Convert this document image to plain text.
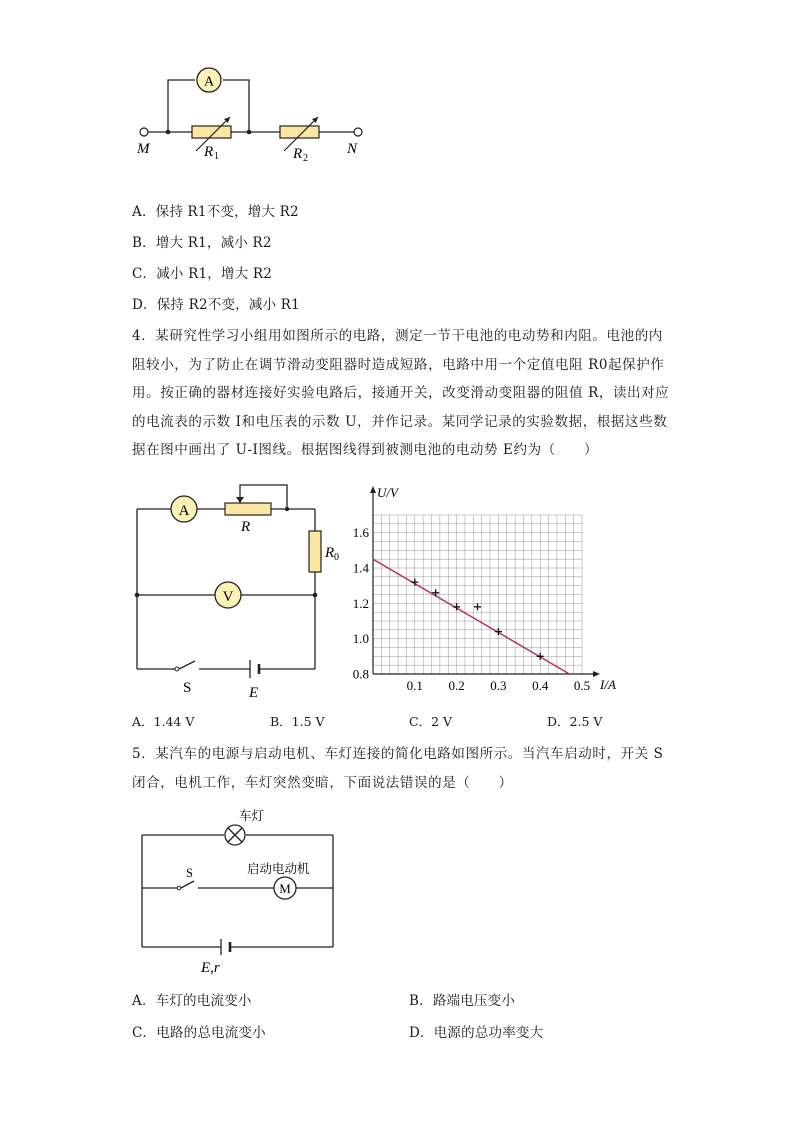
A
M	N
R 1	R 2
A．保持 R1不变，增大 R2
B．增大 R1，减小 R2
C．减小 R1，增大 R2
D．保持 R2不变，减小 R1
4．某研究性学习小组用如图所示的电路，测定一节干电池的电动势和内阻。电池的内
阻较小，为了防止在调节滑动变阻器时造成短路，电路中用一个定值电阻 R0起保护作
用。按正确的器材连接好实验电路后，接通开关，改变滑动变阻器的阻值 R，读出对应
的电流表的示数 I和电压表的示数 U，并作记录。某同学记录的实验数据，根据这些数
据在图中画出了 U-I图线。根据图线得到被测电池的电动势 E约为（　　）
A
R
R 0
V
S	E	0.1 0.2 0.3 0.4 0.5
0.8
1.0
1.2
1.4
1.6
U/V
I/A
A．1.44 V	B．1.5 V	C．2 V	D．2.5 V
5．某汽车的电源与启动电机、车灯连接的简化电路如图所示。当汽车启动时，开关 S
闭合，电机工作，车灯突然变暗，下面说法错误的是（　　）
车灯
S
M
启动电动机
E,r
A．车灯的电流变小	B．路端电压变小
C．电路的总电流变小	D．电源的总功率变大
